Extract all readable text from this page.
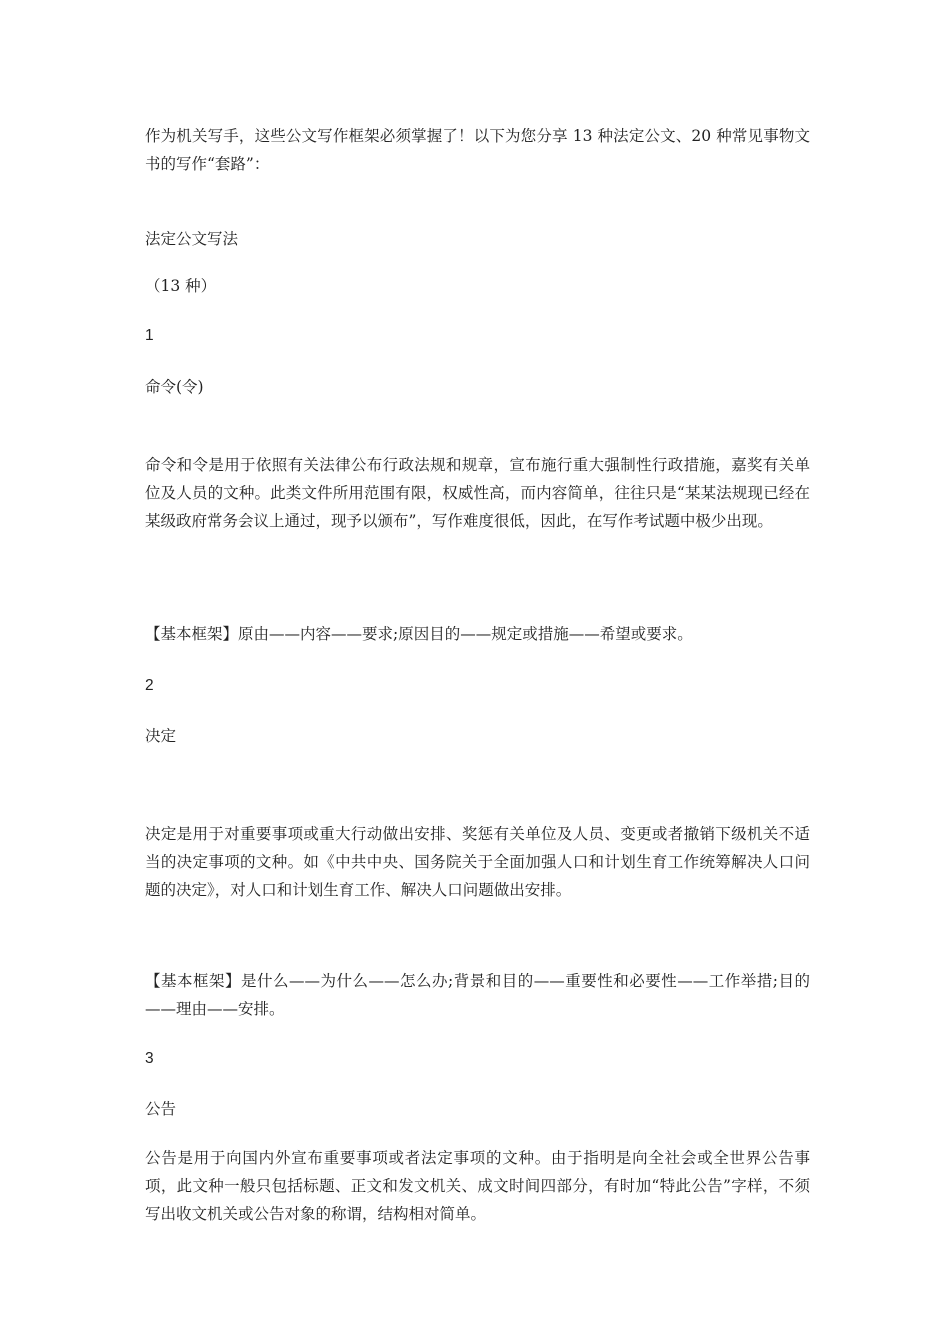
作为机关写手，这些公文写作框架必须掌握了！以下为您分享 13 种法定公文、20 种常见事物文书的写作“套路”：

法定公文写法

（13 种）

1

命令(令)

命令和令是用于依照有关法律公布行政法规和规章，宣布施行重大强制性行政措施，嘉奖有关单位及人员的文种。此类文件所用范围有限，权威性高，而内容简单，往往只是“某某法规现已经在某级政府常务会议上通过，现予以颁布”，写作难度很低，因此，在写作考试题中极少出现。

【基本框架】原由——内容——要求;原因目的——规定或措施——希望或要求。

2

决定

决定是用于对重要事项或重大行动做出安排、奖惩有关单位及人员、变更或者撤销下级机关不适当的决定事项的文种。如《中共中央、国务院关于全面加强人口和计划生育工作统筹解决人口问题的决定》，对人口和计划生育工作、解决人口问题做出安排。

【基本框架】是什么——为什么——怎么办;背景和目的——重要性和必要性——工作举措;目的——理由——安排。

3

公告

公告是用于向国内外宣布重要事项或者法定事项的文种。由于指明是向全社会或全世界公告事项，此文种一般只包括标题、正文和发文机关、成文时间四部分，有时加“特此公告”字样，不须写出收文机关或公告对象的称谓，结构相对简单。
